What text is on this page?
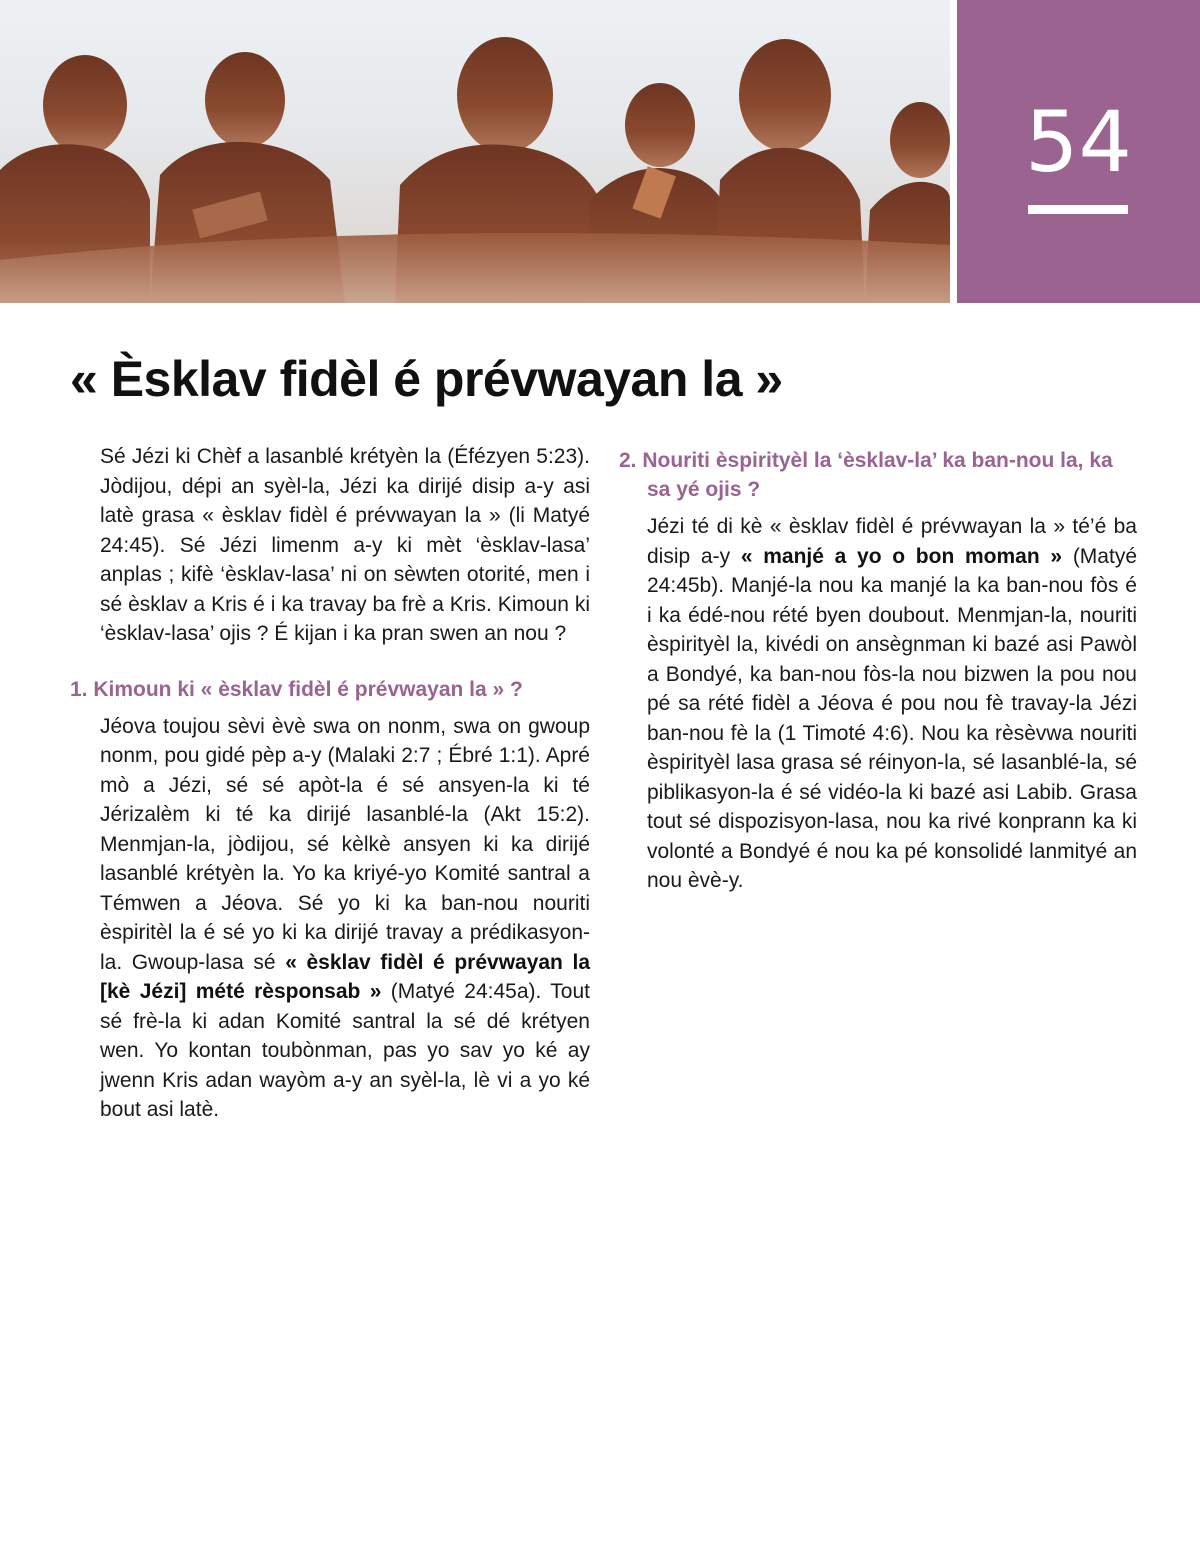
54
« Èsklav fidèl é prévwayan la »

Sé Jézi ki Chèf a lasanblé krétyèn la (Éfézyen 5:23). Jòdijou, dépi an syèl-la, Jézi ka dirijé disip a-y asi latè grasa « èsklav fidèl é prévwayan la » (li Matyé 24:45). Sé Jézi limenm a-y ki mèt ‘èsklav-lasa’ anplas ; kifè ‘èsklav-lasa’ ni on sèwten otorité, men i sé èsklav a Kris é i ka travay ba frè a Kris. Kimoun ki ‘èsklav-lasa’ ojis ? É kijan i ka pran swen an nou ?

1. Kimoun ki « èsklav fidèl é prévwayan la » ?

Jéova toujou sèvi èvè swa on nonm, swa on gwoup nonm, pou gidé pèp a-y (Malaki 2:7 ; Ébré 1:1). Apré mò a Jézi, sé sé apòt-la é sé ansyen-la ki té Jérizalèm ki té ka dirijé lasanblé-la (Akt 15:2). Menmjan-la, jòdijou, sé kèlkè ansyen ki ka dirijé lasanblé krétyèn la. Yo ka kriyé-yo Komité santral a Témwen a Jéova. Sé yo ki ka ban-nou nouriti èspiritèl la é sé yo ki ka dirijé travay a prédikasyon-la. Gwoup-lasa sé « èsklav fidèl é prévwayan la [kè Jézi] mété rèsponsab » (Matyé 24:45a). Tout sé frè-la ki adan Komité santral la sé dé krétyen wen. Yo kontan toubònman, pas yo sav yo ké ay jwenn Kris adan wayòm a-y an syèl-la, lè vi a yo ké bout asi latè.

2. Nouriti èspirityèl la ‘èsklav-la’ ka ban-nou la, ka sa yé ojis ?

Jézi té di kè « èsklav fidèl é prévwayan la » té’é ba disip a-y « manjé a yo o bon moman » (Matyé 24:45b). Manjé-la nou ka manjé la ka ban-nou fòs é i ka édé-nou rété byen doubout. Menmjan-la, nouriti èspirityèl la, kivédi on ansègnman ki bazé asi Pawòl a Bondyé, ka ban-nou fòs-la nou bizwen la pou nou pé sa rété fidèl a Jéova é pou nou fè travay-la Jézi ban-nou fè la (1 Timoté 4:6). Nou ka rèsèvwa nouriti èspirityèl lasa grasa sé réinyon-la, sé lasanblé-la, sé piblikasyon-la é sé vidéo-la ki bazé asi Labib. Grasa tout sé dispozisyon-lasa, nou ka rivé konprann ka ki volonté a Bondyé é nou ka pé konsolidé lanmityé an nou èvè-y.
